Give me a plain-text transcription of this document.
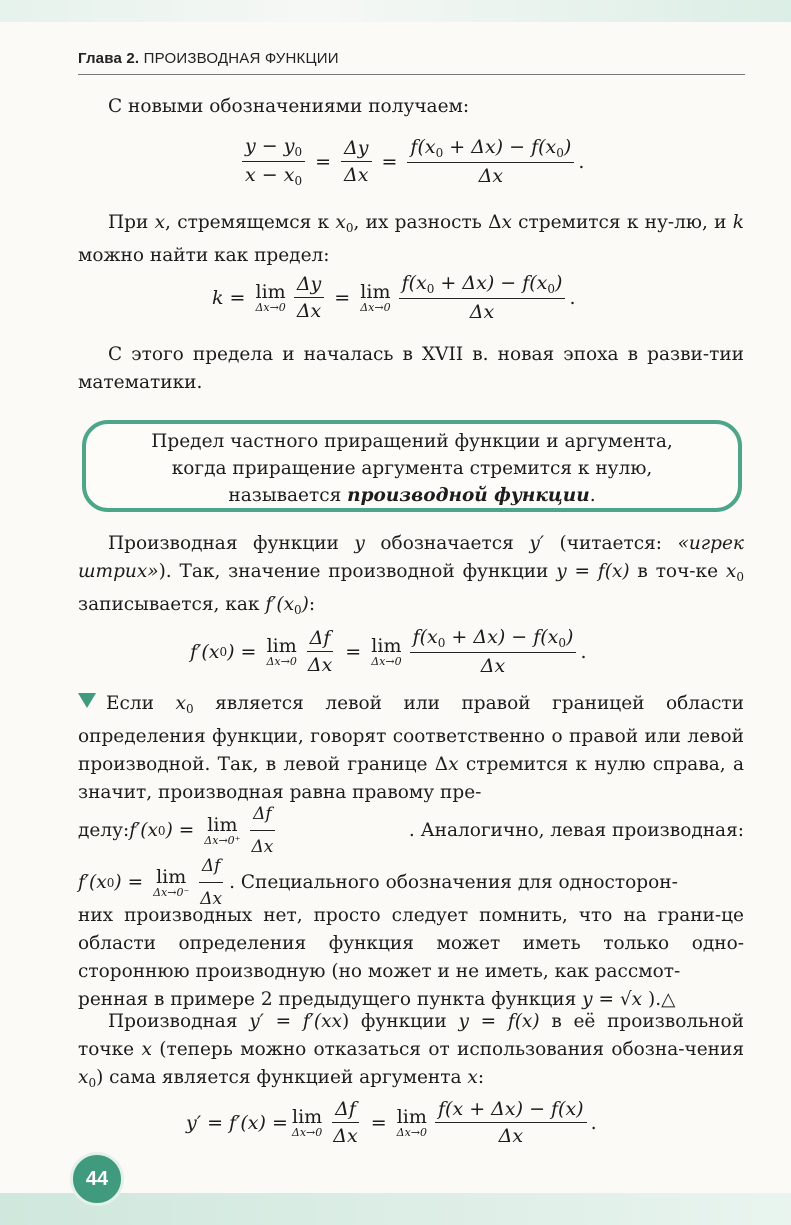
Глава 2. ПРОИЗВОДНАЯ ФУНКЦИИ
С новыми обозначениями получаем:
$\frac{y - y_0}{x - x_0} = \frac{\Delta y}{\Delta x} = \frac{f(x_0 + \Delta x) - f(x_0)}{\Delta x}$ .
При x, стремящемся к $x_0$, их разность Δx стремится к ну-лю, и k можно найти как предел:
k = lim
$\Delta x\to 0 \frac{\Delta y}{\Delta x} = \lim$
$\Delta x\to 0 \frac{f(x_0 + \Delta x) - f(x_0)}{\Delta x}$ .
С этого предела и началась в XVII в. новая эпоха в разви-тии математики.
Предел частного приращений функции и аргумента,
когда приращение аргумента стремится к нулю,
называется производной функции.
Производная функции y обозначается y′ (читается: «игрек штрих»). Так, значение производной функции y = f(x) в точ-ке $x_0$ записывается, как $f'(x_0)$:
f′(x 0 ) = lim
$\Delta x\to 0 \frac{\Delta f}{\Delta x} = \lim$
$\Delta x\to 0 \frac{f(x_0 + \Delta x) - f(x_0)}{\Delta x}$ .
Если $x_0$ является левой или правой границей области определения функции, говорят соответственно о правой или левой производной. Так, в левой границе Δx стремится к нулю справа, а значит, производная равна правому пре-
делу: f′(x 0 ) = lim
$\Delta x\to 0^+ \frac{\Delta f}{\Delta x}$	. Аналогично, левая производная:
f′(x 0 ) = lim
$\Delta x\to 0^- \frac{\Delta f}{\Delta x}$ . Специального обозначения для односторон-
них производных нет, просто следует помнить, что на грани-це области определения функция может иметь только одно-стороннюю производную (но может и не иметь, как рассмот-
ренная в примере 2 предыдущего пункта функция y = √x ).△
Производная y′ = f′(xx) функции y = f(x) в её произвольной точке x (теперь можно отказаться от использования обозна-чения $x_0$) сама является функцией аргумента x:
y′ = f′(x) = lim
$\Delta x\to 0 \frac{\Delta f}{\Delta x} = \lim$
$\Delta x\to 0 \frac{f(x + \Delta x) - f(x)}{\Delta x}$ .
44
